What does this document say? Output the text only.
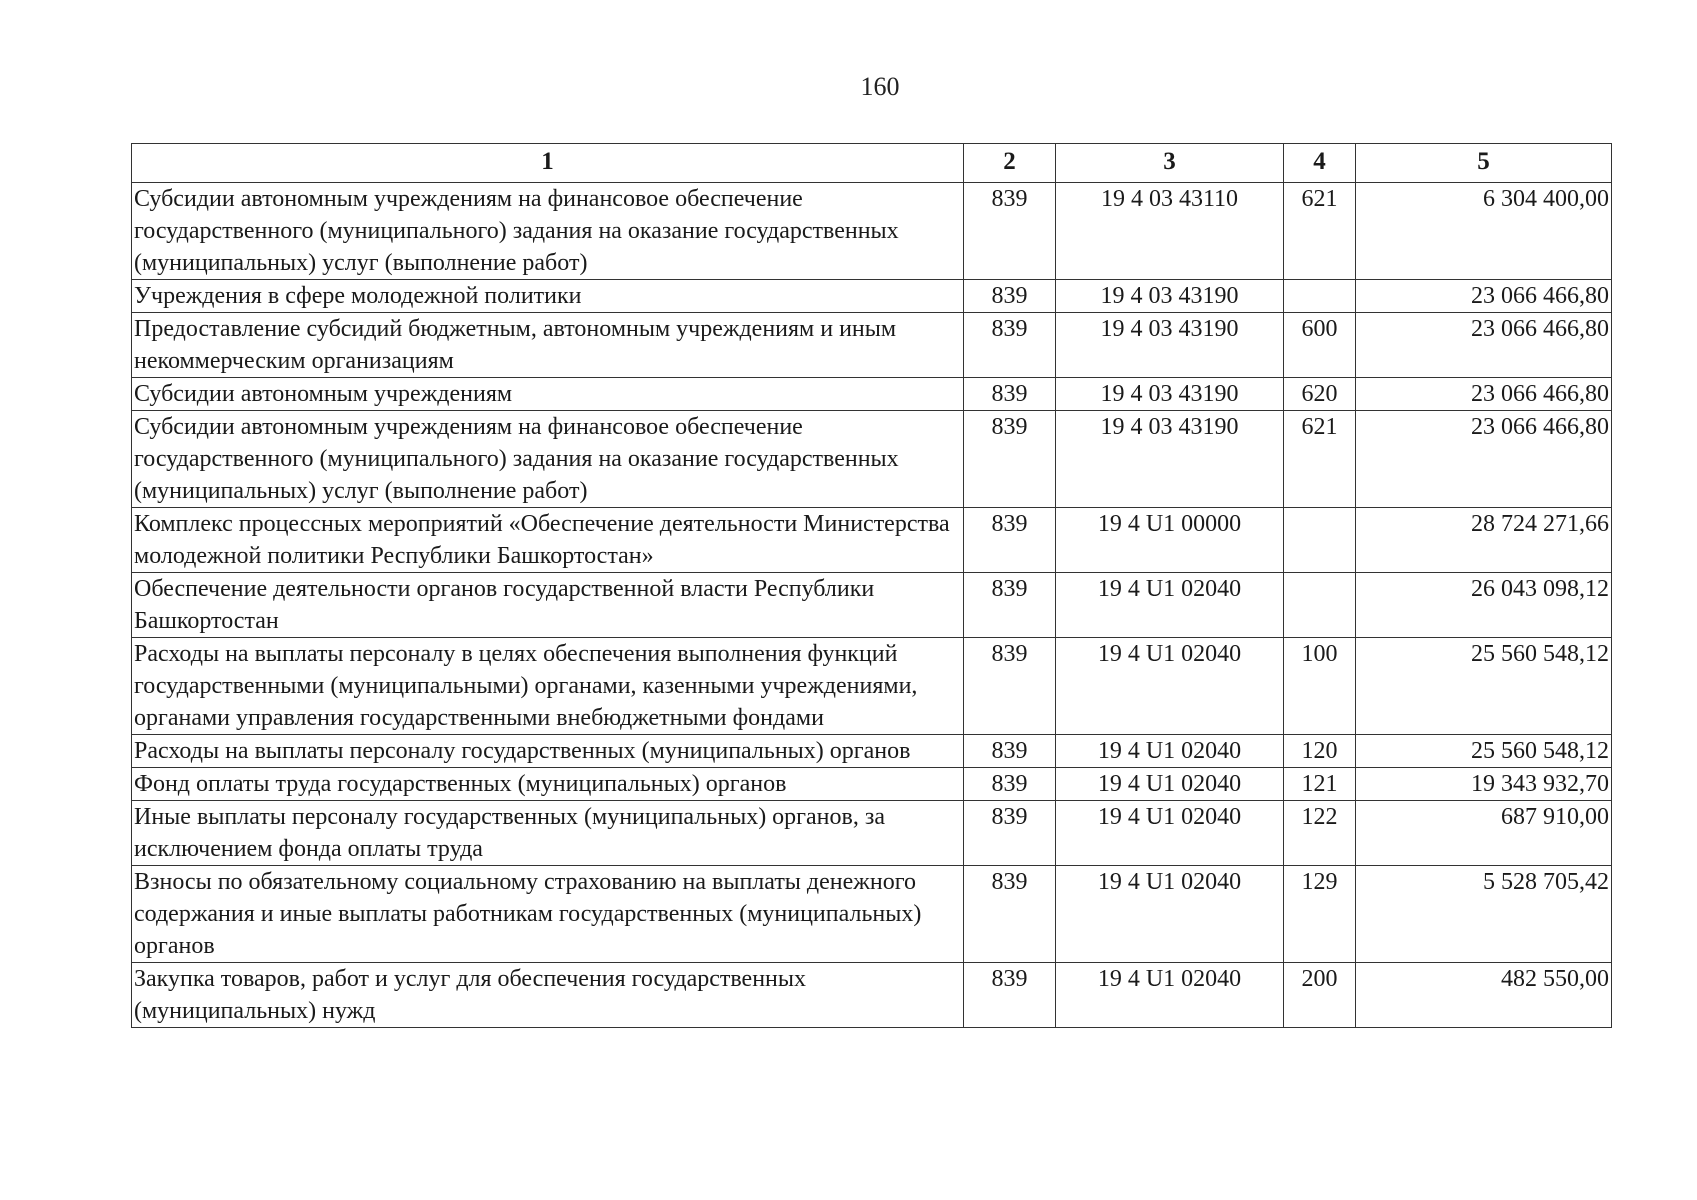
160
1	2	3	4	5
Субсидии автономным учреждениям на финансовое обеспечение государственного (муниципального) задания на оказание государственных (муниципальных) услуг (выполнение работ)	839	19 4 03 43110	621	6 304 400,00
Учреждения в сфере молодежной политики	839	19 4 03 43190		23 066 466,80
Предоставление субсидий бюджетным, автономным учреждениям и иным некоммерческим организациям	839	19 4 03 43190	600	23 066 466,80
Субсидии автономным учреждениям	839	19 4 03 43190	620	23 066 466,80
Субсидии автономным учреждениям на финансовое обеспечение государственного (муниципального) задания на оказание государственных (муниципальных) услуг (выполнение работ)	839	19 4 03 43190	621	23 066 466,80
Комплекс процессных мероприятий «Обеспечение деятельности Министерства молодежной политики Республики Башкортостан»	839	19 4 U1 00000		28 724 271,66
Обеспечение деятельности органов государственной власти Республики Башкортостан	839	19 4 U1 02040		26 043 098,12
Расходы на выплаты персоналу в целях обеспечения выполнения функций государственными (муниципальными) органами, казенными учреждениями, органами управления государственными внебюджетными фондами	839	19 4 U1 02040	100	25 560 548,12
Расходы на выплаты персоналу государственных (муниципальных) органов	839	19 4 U1 02040	120	25 560 548,12
Фонд оплаты труда государственных (муниципальных) органов	839	19 4 U1 02040	121	19 343 932,70
Иные выплаты персоналу государственных (муниципальных) органов, за исключением фонда оплаты труда	839	19 4 U1 02040	122	687 910,00
Взносы по обязательному социальному страхованию на выплаты денежного содержания и иные выплаты работникам государственных (муниципальных) органов	839	19 4 U1 02040	129	5 528 705,42
Закупка товаров, работ и услуг для обеспечения государственных (муниципальных) нужд	839	19 4 U1 02040	200	482 550,00
